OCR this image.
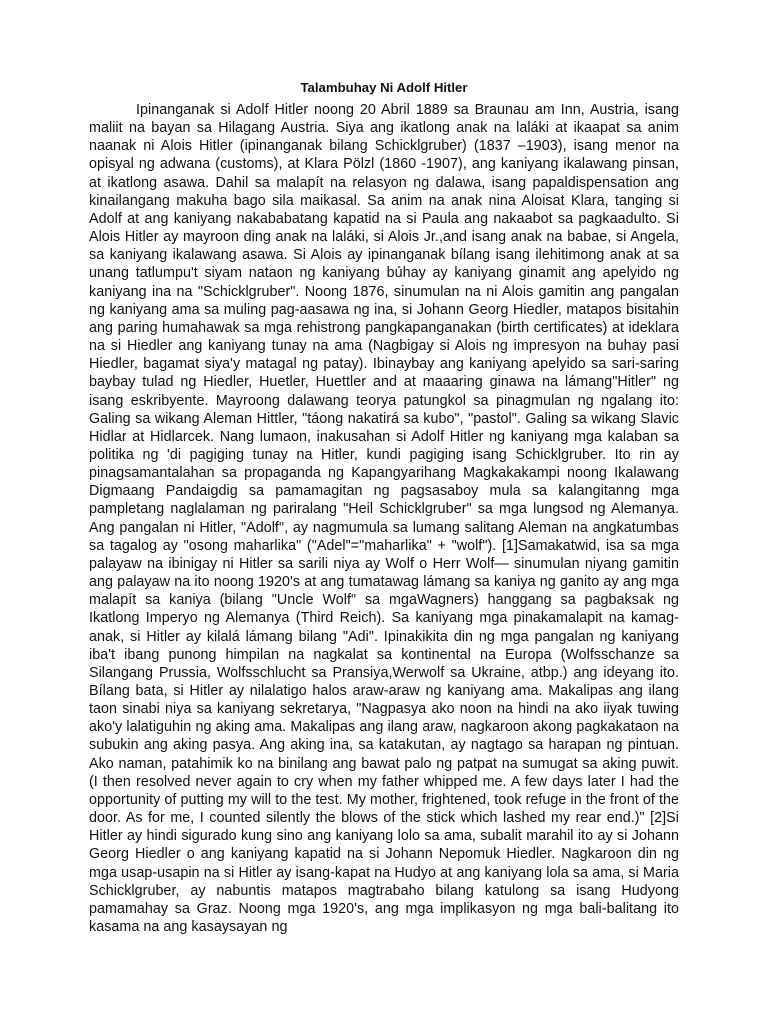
Talambuhay Ni Adolf Hitler

Ipinanganak si Adolf Hitler noong 20 Abril 1889 sa Braunau am Inn, Austria, isang maliit na bayan sa Hilagang Austria. Siya ang ikatlong anak na laláki at ikaapat sa anim naanak ni Alois Hitler (ipinanganak bilang Schicklgruber) (1837 –1903), isang menor na opisyal ng adwana (customs), at Klara Pölzl (1860 -1907), ang kaniyang ikalawang pinsan, at ikatlong asawa. Dahil sa malapít na relasyon ng dalawa, isang papaldispensation ang kinailangang makuha bago sila maikasal. Sa anim na anak nina Aloisat Klara, tanging si Adolf at ang kaniyang nakababatang kapatid na si Paula ang nakaabot sa pagkaadulto. Si Alois Hitler ay mayroon ding anak na laláki, si Alois Jr.,and isang anak na babae, si Angela, sa kaniyang ikalawang asawa. Si Alois ay ipinanganak bílang isang ilehitimong anak at sa unang tatlumpu't siyam nataon ng kaniyang búhay ay kaniyang ginamit ang apelyido ng kaniyang ina na "Schicklgruber". Noong 1876, sinumulan na ni Alois gamitin ang pangalan ng kaniyang ama sa muling pag-aasawa ng ina, si Johann Georg Hiedler, matapos bisitahin ang paring humahawak sa mga rehistrong pangkapanganakan (birth certificates) at ideklara na si Hiedler ang kaniyang tunay na ama (Nagbigay si Alois ng impresyon na buhay pasi Hiedler, bagamat siya'y matagal ng patay). Ibinaybay ang kaniyang apelyido sa sari-saring baybay tulad ng Hiedler, Huetler, Huettler and at maaaring ginawa na lámang"Hitler" ng isang eskribyente. Mayroong dalawang teorya patungkol sa pinagmulan ng ngalang ito: Galing sa wikang Aleman Hittler, "táong nakatirá sa kubo", "pastol". Galing sa wikang Slavic Hidlar at Hidlarcek. Nang lumaon, inakusahan si Adolf Hitler ng kaniyang mga kalaban sa politika ng 'di pagiging tunay na Hitler, kundi pagiging isang Schicklgruber. Ito rin ay pinagsamantalahan sa propaganda ng Kapangyarihang Magkakakampi noong Ikalawang Digmaang Pandaigdig sa pamamagitan ng pagsasaboy mula sa kalangitanng mga pampletang naglalaman ng pariralang "Heil Schicklgruber" sa mga lungsod ng Alemanya. Ang pangalan ni Hitler, "Adolf", ay nagmumula sa lumang salitang Aleman na angkatumbas sa tagalog ay "osong maharlika" ("Adel"="maharlika" + "wolf"). [1]Samakatwid, isa sa mga palayaw na ibinigay ni Hitler sa sarili niya ay Wolf o Herr Wolf— sinumulan niyang gamitin ang palayaw na ito noong 1920's at ang tumatawag lámang sa kaniya ng ganito ay ang mga malapít sa kaniya (bilang "Uncle Wolf" sa mgaWagners) hanggang sa pagbaksak ng Ikatlong Imperyo ng Alemanya (Third Reich). Sa kaniyang mga pinakamalapit na kamag-anak, si Hitler ay kilalá lámang bilang "Adi". Ipinakikita din ng mga pangalan ng kaniyang iba't ibang punong himpilan na nagkalat sa kontinental na Europa (Wolfsschanze sa Silangang Prussia, Wolfsschlucht sa Pransiya,Werwolf sa Ukraine, atbp.) ang ideyang ito. Bílang bata, si Hitler ay nilalatigo halos araw-araw ng kaniyang ama. Makalipas ang ilang taon sinabi niya sa kaniyang sekretarya, "Nagpasya ako noon na hindi na ako iiyak tuwing ako'y lalatiguhin ng aking ama. Makalipas ang ilang araw, nagkaroon akong pagkakataon na subukin ang aking pasya. Ang aking ina, sa katakutan, ay nagtago sa harapan ng pintuan. Ako naman, patahimik ko na binilang ang bawat palo ng patpat na sumugat sa aking puwit. (I then resolved never again to cry when my father whipped me. A few days later I had the opportunity of putting my will to the test. My mother, frightened, took refuge in the front of the door. As for me, I counted silently the blows of the stick which lashed my rear end.)" [2]Si Hitler ay hindi sigurado kung sino ang kaniyang lolo sa ama, subalit marahil ito ay si Johann Georg Hiedler o ang kaniyang kapatid na si Johann Nepomuk Hiedler. Nagkaroon din ng mga usap-usapin na si Hitler ay isang-kapat na Hudyo at ang kaniyang lola sa ama, si Maria Schicklgruber, ay nabuntis matapos magtrabaho bilang katulong sa isang Hudyong pamamahay sa Graz. Noong mga 1920's, ang mga implikasyon ng mga bali-balitang ito kasama na ang kasaysayan ng
